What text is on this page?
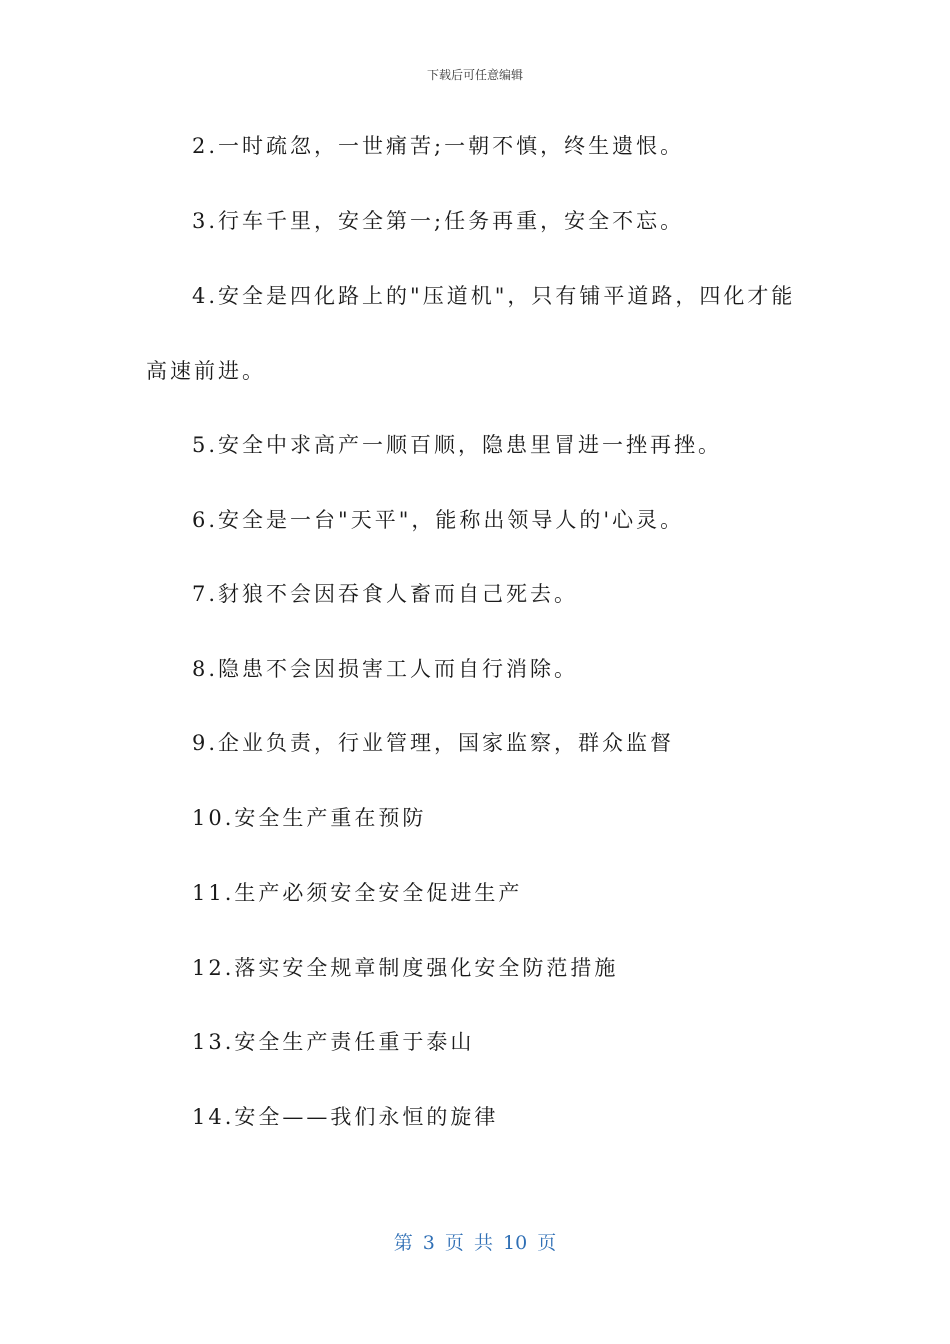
下载后可任意编辑
2.一时疏忽，一世痛苦;一朝不慎，终生遗恨。
3.行车千里，安全第一;任务再重，安全不忘。
4.安全是四化路上的"压道机"，只有铺平道路，四化才能
高速前进。
5.安全中求高产一顺百顺，隐患里冒进一挫再挫。
6.安全是一台"天平"，能称出领导人的'心灵。
7.豺狼不会因吞食人畜而自己死去。
8.隐患不会因损害工人而自行消除。
9.企业负责，行业管理，国家监察，群众监督
10.安全生产重在预防
11.生产必须安全安全促进生产
12.落实安全规章制度强化安全防范措施
13.安全生产责任重于泰山
14.安全——我们永恒的旋律
第 3 页 共 10 页
